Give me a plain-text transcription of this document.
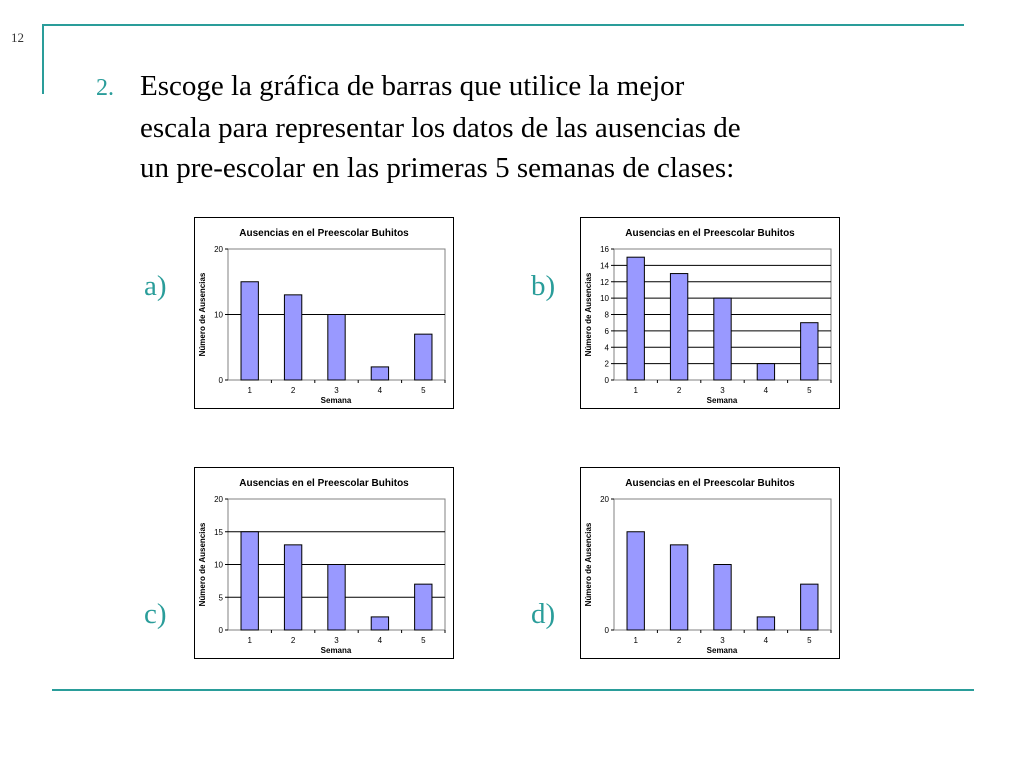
12
2. Escoge la gráfica de barras que utilice la mejor
escala para representar los datos de las ausencias de
un pre-escolar en las primeras 5 semanas de clases:
a)	b)
c)	d)
Ausencias en el Preescolar Buhitos
0
10
20
1	2	3	4	5
Semana
Número de Ausencias
Ausencias en el Preescolar Buhitos
0
2
4
6
8
10
12
14
16
1	2	3	4	5
Semana
Número de Ausencias
Ausencias en el Preescolar Buhitos
0
5
10
15
20
1	2	3	4	5
Semana
Número de Ausencias
Ausencias en el Preescolar Buhitos
0
20
1	2	3	4	5
Semana
Número de Ausencias
